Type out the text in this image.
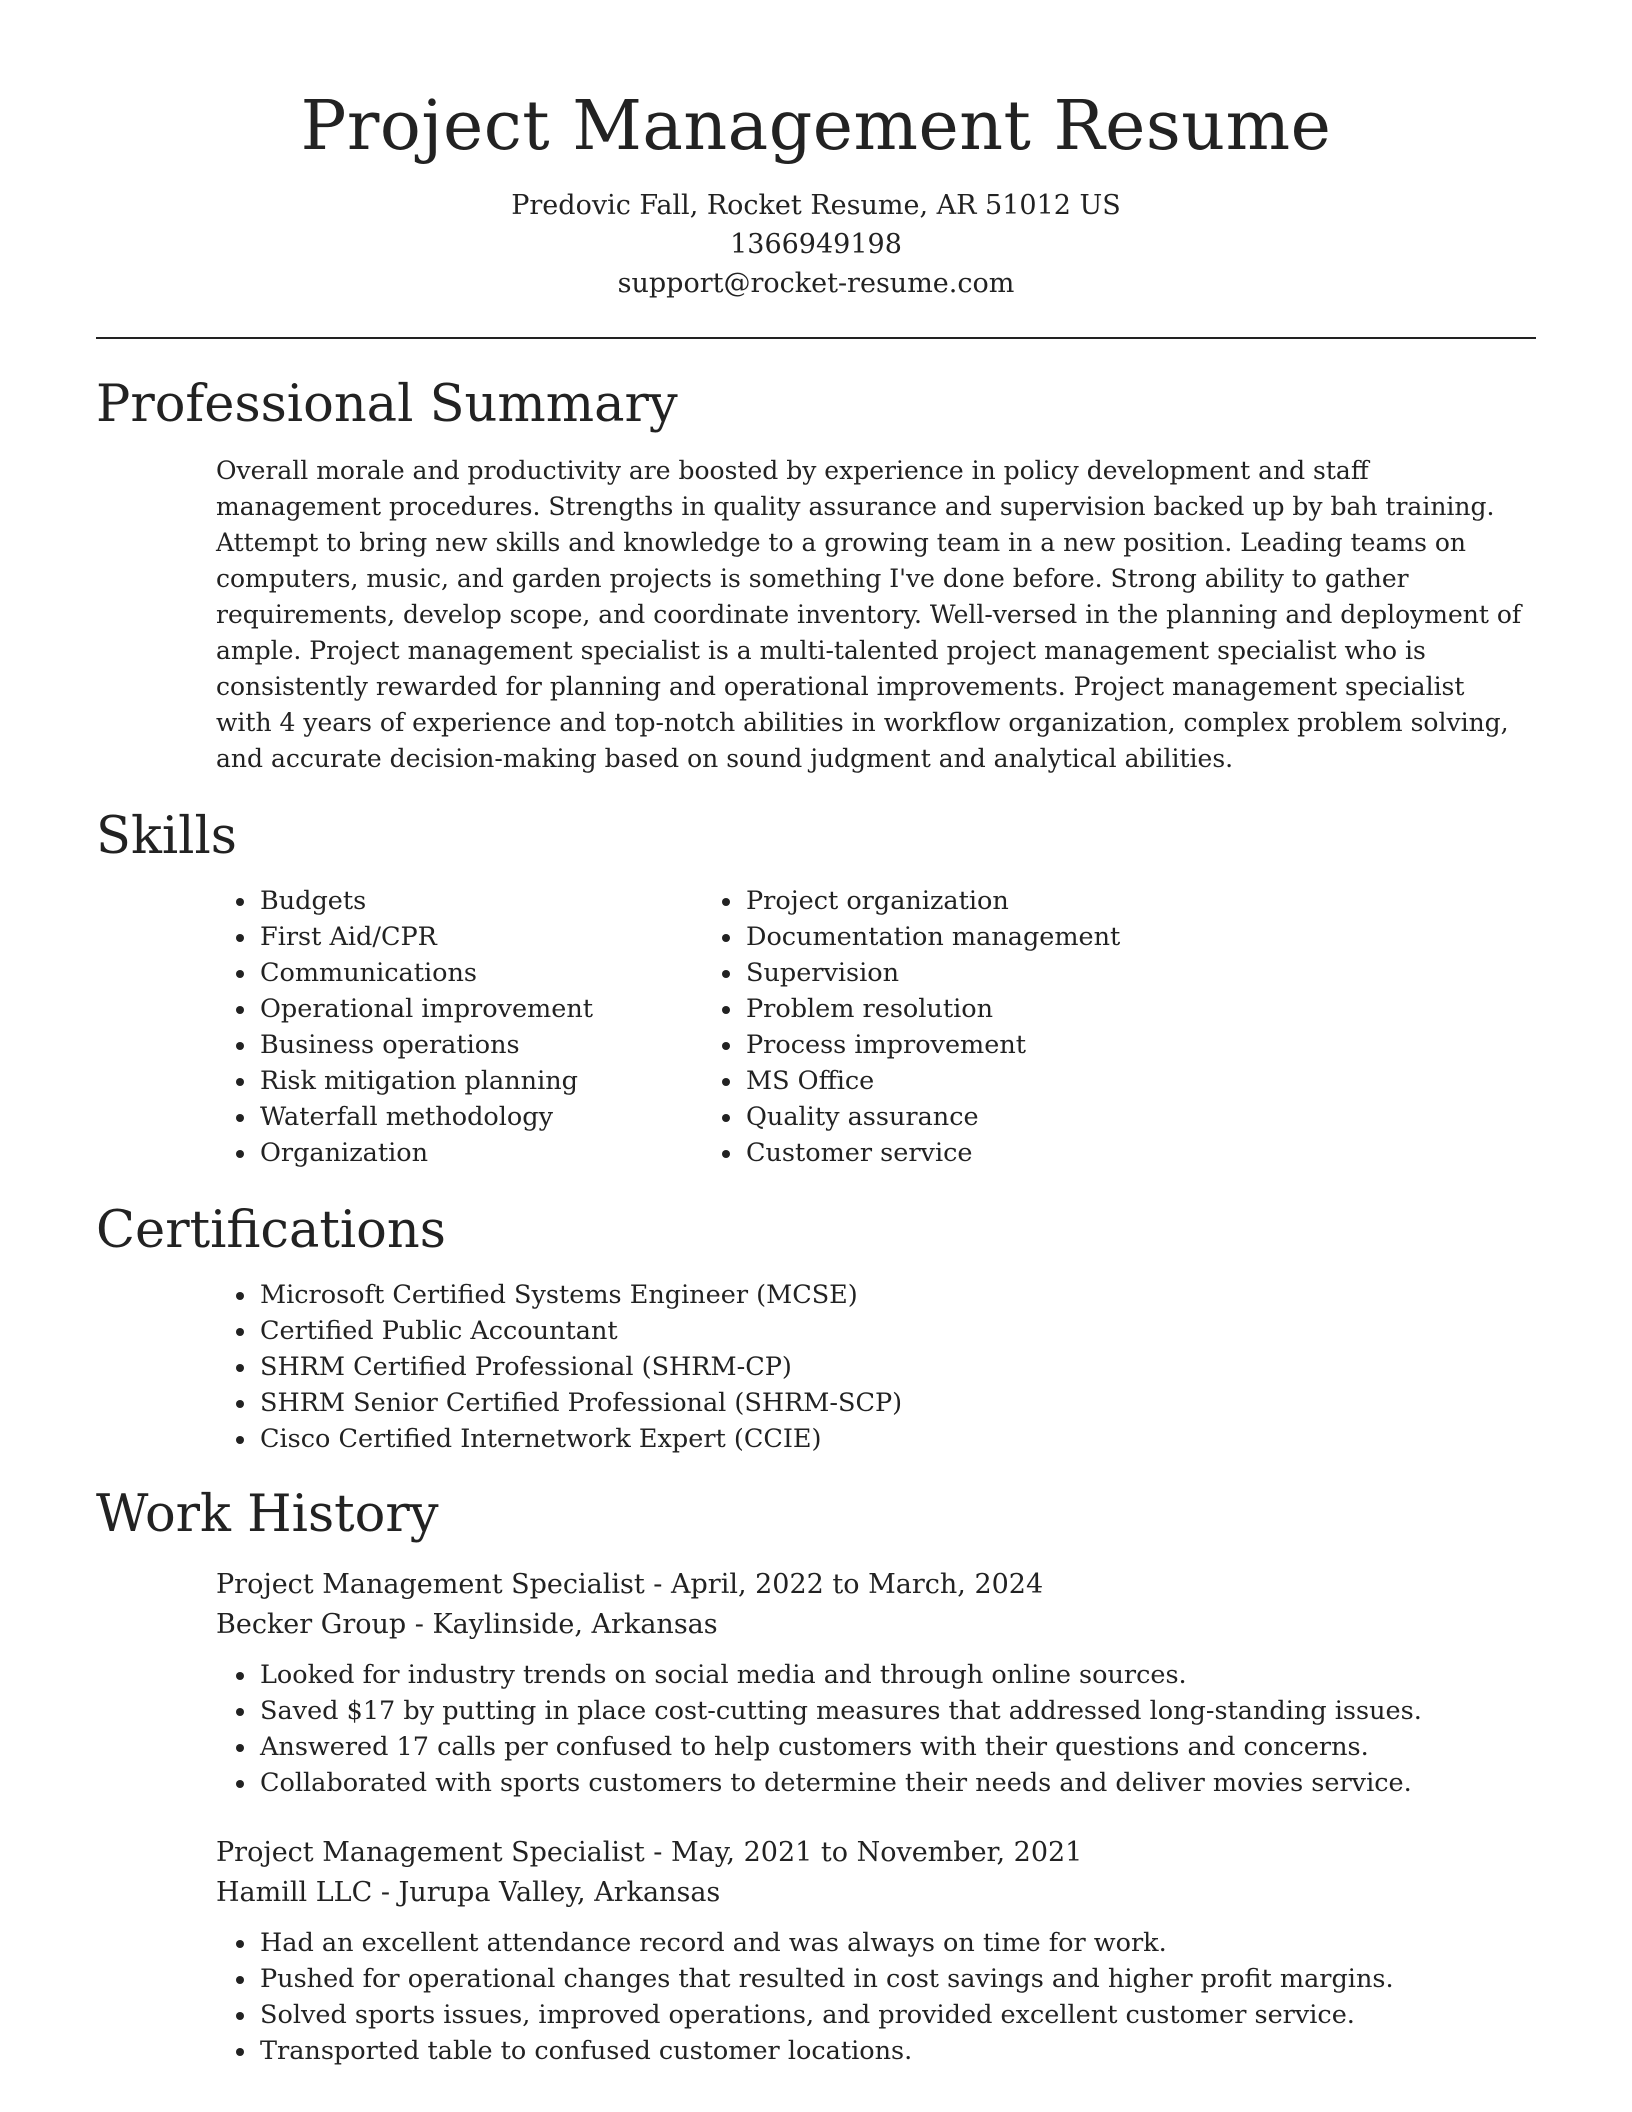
Project Management Resume
Predovic Fall, Rocket Resume, AR 51012 US
1366949198
support@rocket-resume.com
Professional Summary

Overall morale and productivity are boosted by experience in policy development and staff management procedures. Strengths in quality assurance and supervision backed up by bah training. Attempt to bring new skills and knowledge to a growing team in a new position. Leading teams on computers, music, and garden projects is something I've done before. Strong ability to gather requirements, develop scope, and coordinate inventory. Well-versed in the planning and deployment of ample. Project management specialist is a multi-talented project management specialist who is consistently rewarded for planning and operational improvements. Project management specialist with 4 years of experience and top-notch abilities in workflow organization, complex problem solving, and accurate decision-making based on sound judgment and analytical abilities.

Skills
Budgets
First Aid/CPR
Communications
Operational improvement
Business operations
Risk mitigation planning
Waterfall methodology
Organization
Project organization
Documentation management
Supervision
Problem resolution
Process improvement
MS Office
Quality assurance
Customer service
Certifications
Microsoft Certified Systems Engineer (MCSE)
Certified Public Accountant
SHRM Certified Professional (SHRM-CP)
SHRM Senior Certified Professional (SHRM-SCP)
Cisco Certified Internetwork Expert (CCIE)
Work History
Project Management Specialist - April, 2022 to March, 2024
Becker Group - Kaylinside, Arkansas
Looked for industry trends on social media and through online sources.
Saved $17 by putting in place cost-cutting measures that addressed long-standing issues.
Answered 17 calls per confused to help customers with their questions and concerns.
Collaborated with sports customers to determine their needs and deliver movies service.
Project Management Specialist - May, 2021 to November, 2021
Hamill LLC - Jurupa Valley, Arkansas
Had an excellent attendance record and was always on time for work.
Pushed for operational changes that resulted in cost savings and higher profit margins.
Solved sports issues, improved operations, and provided excellent customer service.
Transported table to confused customer locations.
